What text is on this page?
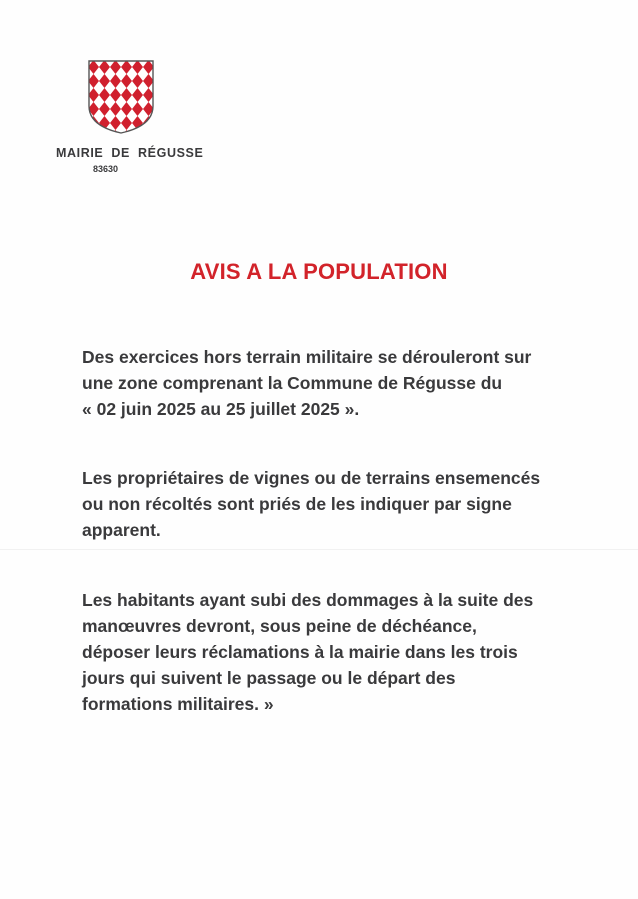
MAIRIE DE RÉGUSSE
83630
AVIS A LA POPULATION
Des exercices hors terrain militaire se dérouleront sur
une zone comprenant la Commune de Régusse du
« 02 juin 2025 au 25 juillet 2025 ».
Les propriétaires de vignes ou de terrains ensemencés
ou non récoltés sont priés de les indiquer par signe
apparent.
Les habitants ayant subi des dommages à la suite des
manœuvres devront, sous peine de déchéance,
déposer leurs réclamations à la mairie dans les trois
jours qui suivent le passage ou le départ des
formations militaires. »
